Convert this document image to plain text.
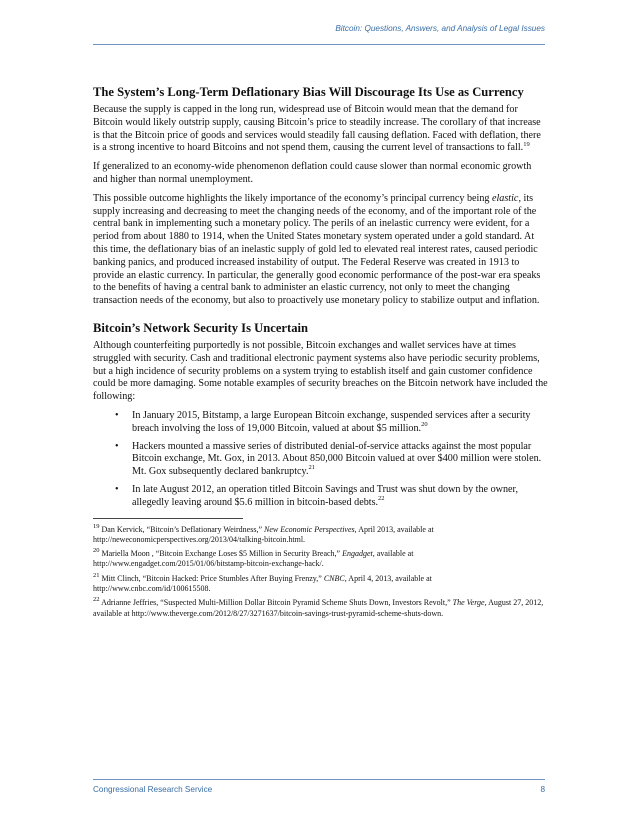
Bitcoin: Questions, Answers, and Analysis of Legal Issues
The System’s Long-Term Deflationary Bias Will Discourage Its Use as Currency

Because the supply is capped in the long run, widespread use of Bitcoin would mean that the demand for Bitcoin would likely outstrip supply, causing Bitcoin’s price to steadily increase. The corollary of that increase is that the Bitcoin price of goods and services would steadily fall causing deflation. Faced with deflation, there is a strong incentive to hoard Bitcoins and not spend them, causing the current level of transactions to fall.$^{19}$

If generalized to an economy-wide phenomenon deflation could cause slower than normal economic growth and higher than normal unemployment.

This possible outcome highlights the likely importance of the economy’s principal currency being elastic, its supply increasing and decreasing to meet the changing needs of the economy, and of the important role of the central bank in implementing such a monetary policy. The perils of an inelastic currency were evident, for a period from about 1880 to 1914, when the United States monetary system operated under a gold standard. At this time, the deflationary bias of an inelastic supply of gold led to elevated real interest rates, caused periodic banking panics, and produced increased instability of output. The Federal Reserve was created in 1913 to provide an elastic currency. In particular, the generally good economic performance of the post-war era speaks to the benefits of having a central bank to administer an elastic currency, not only to meet the changing transaction needs of the economy, but also to proactively use monetary policy to stabilize output and inflation.

Bitcoin’s Network Security Is Uncertain

Although counterfeiting purportedly is not possible, Bitcoin exchanges and wallet services have at times struggled with security. Cash and traditional electronic payment systems also have periodic security problems, but a high incidence of security problems on a system trying to establish itself and gain customer confidence could be more damaging. Some notable examples of security breaches on the Bitcoin network have included the following:

• In January 2015, Bitstamp, a large European Bitcoin exchange, suspended services after a security breach involving the loss of 19,000 Bitcoin, valued at about $5 million.$^{20}$
• Hackers mounted a massive series of distributed denial-of-service attacks against the most popular Bitcoin exchange, Mt. Gox, in 2013. About 850,000 Bitcoin valued at over $400 million were stolen. Mt. Gox subsequently declared bankruptcy.$^{21}$
• In late August 2012, an operation titled Bitcoin Savings and Trust was shut down by the owner, allegedly leaving around $5.6 million in bitcoin-based debts.$^{22}$
$^{19}$ Dan Kervick, “Bitcoin’s Deflationary Weirdness,” New Economic Perspectives, April 2013, available at http://neweconomicperspectives.org/2013/04/talking-bitcoin.html.
$^{20}$ Mariella Moon , “Bitcoin Exchange Loses $5 Million in Security Breach,” Engadget, available at http://www.engadget.com/2015/01/06/bitstamp-bitcoin-exchange-hack/.
$^{21}$ Mitt Clinch, “Bitcoin Hacked: Price Stumbles After Buying Frenzy,” CNBC, April 4, 2013, available at http://www.cnbc.com/id/100615508.
$^{22}$ Adrianne Jeffries, “Suspected Multi-Million Dollar Bitcoin Pyramid Scheme Shuts Down, Investors Revolt,” The Verge, August 27, 2012, available at http://www.theverge.com/2012/8/27/3271637/bitcoin-savings-trust-pyramid-scheme-shuts-down.
Congressional Research Service	8
